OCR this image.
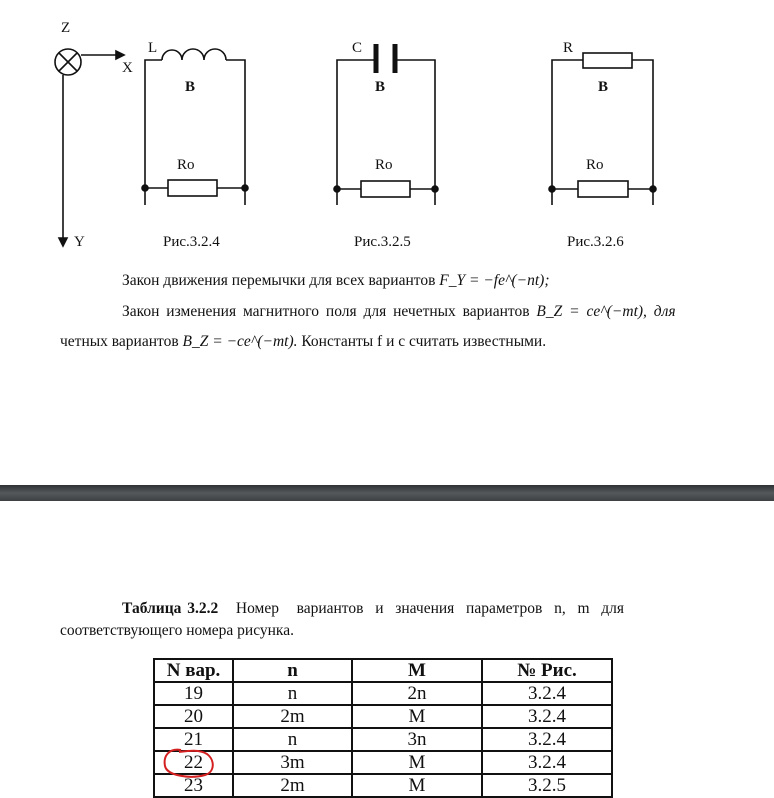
Z
X
Y
L
B
Ro
Рис.3.2.4
C
B
Ro
Рис.3.2.5
R
B
Ro
Рис.3.2.6
Закон движения перемычки для всех вариантов F_Y = −fe^(−nt);
Закон изменения магнитного поля для нечетных вариантов B_Z = ce^(−mt), для
четных вариантов B_Z = −ce^(−mt). Константы f и c считать известными.
Таблица 3.2.2   Номер   вариантов  и  значения  параметров  n,  m  для
соответствующего номера рисунка.
N вар.	n	M	№ Рис.
19	n	2n	3.2.4
20	2m	M	3.2.4
21	n	3n	3.2.4
22	3m	M	3.2.4
23	2m	M	3.2.5
